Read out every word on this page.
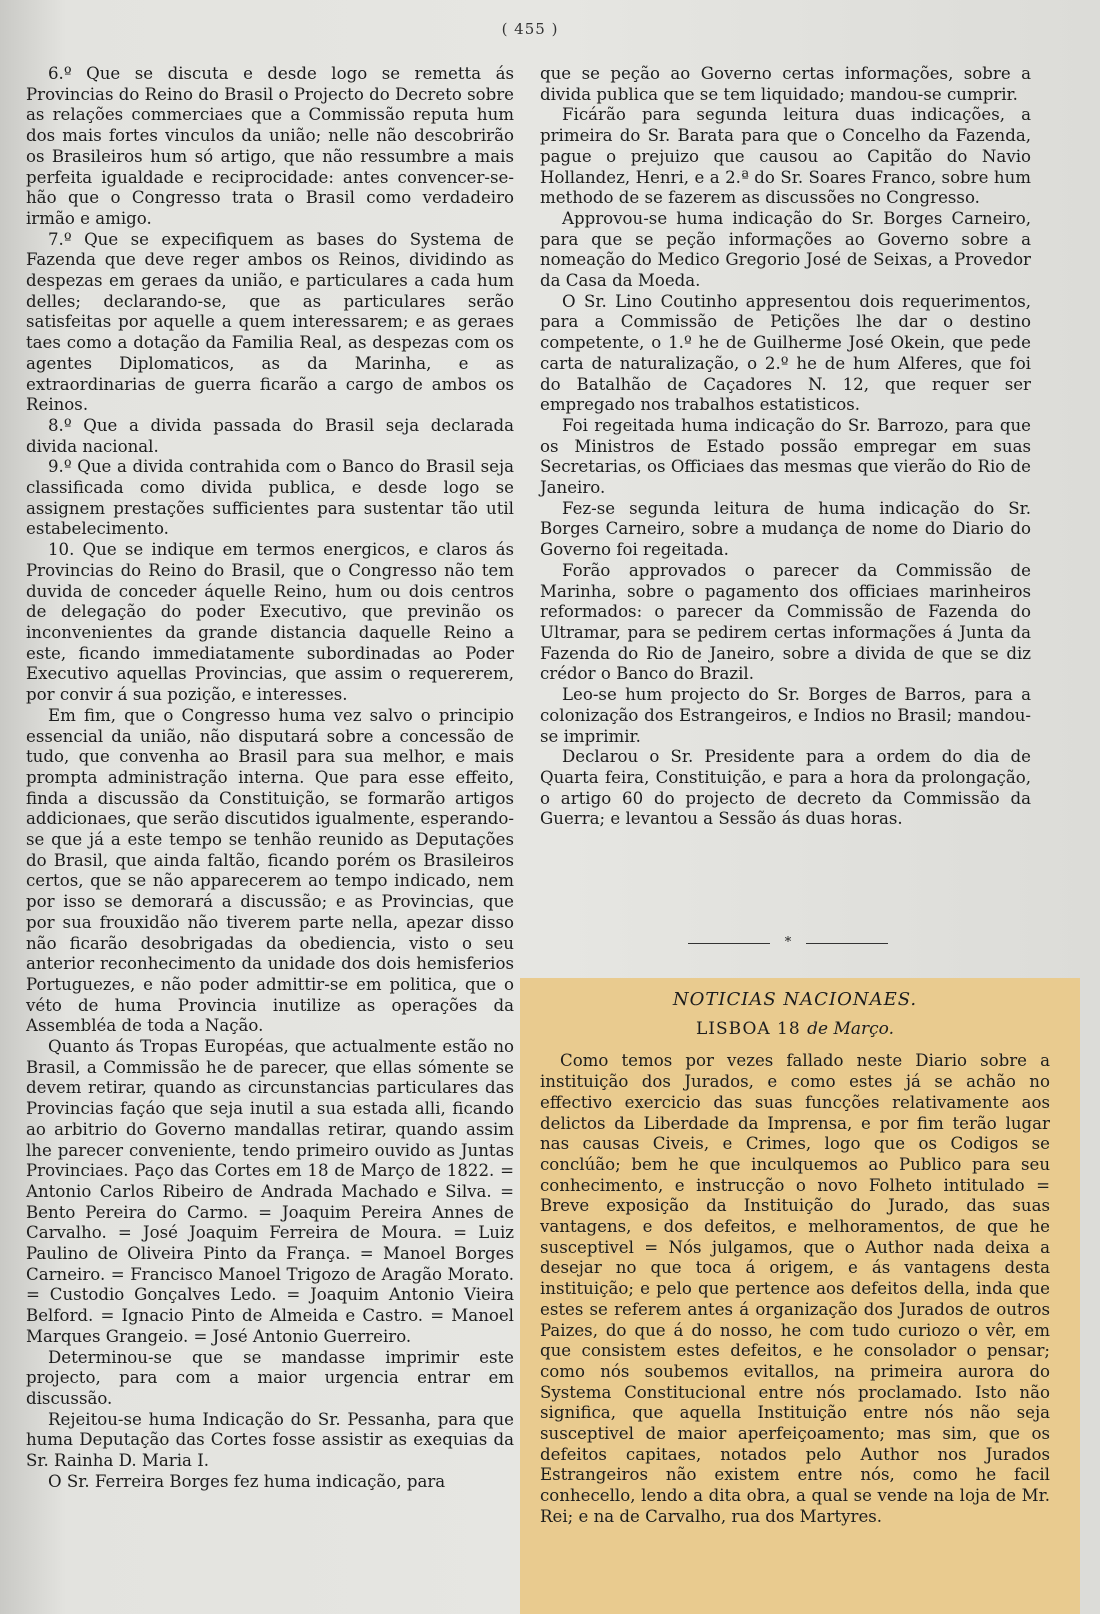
( 455 )

6.º Que se discuta e desde logo se remetta ás Provincias do Reino do Brasil o Projecto do Decreto sobre as relações commerciaes que a Commissão reputa hum dos mais fortes vinculos da união; nelle não descobrirão os Brasileiros hum só artigo, que não ressumbre a mais perfeita igualdade e reciprocidade: antes convencer-se-hão que o Congresso trata o Brasil como verdadeiro irmão e amigo.

7.º Que se expecifiquem as bases do Systema de Fazenda que deve reger ambos os Reinos, dividindo as despezas em geraes da união, e particulares a cada hum delles; declarando-se, que as particulares serão satisfeitas por aquelle a quem interessarem; e as geraes taes como a dotação da Familia Real, as despezas com os agentes Diplomaticos, as da Marinha, e as extraordinarias de guerra ficarão a cargo de ambos os Reinos.

8.º Que a divida passada do Brasil seja declarada divida nacional.

9.º Que a divida contrahida com o Banco do Brasil seja classificada como divida publica, e desde logo se assignem prestações sufficientes para sustentar tão util estabelecimento.

10. Que se indique em termos energicos, e claros ás Provincias do Reino do Brasil, que o Congresso não tem duvida de conceder áquelle Reino, hum ou dois centros de delegação do poder Executivo, que previnão os inconvenientes da grande distancia daquelle Reino a este, ficando immediatamente subordinadas ao Poder Executivo aquellas Provincias, que assim o requererem, por convir á sua pozição, e interesses.

Em fim, que o Congresso huma vez salvo o principio essencial da união, não disputará sobre a concessão de tudo, que convenha ao Brasil para sua melhor, e mais prompta administração interna. Que para esse effeito, finda a discussão da Constituição, se formarão artigos addicionaes, que serão discutidos igualmente, esperando-se que já a este tempo se tenhão reunido as Deputações do Brasil, que ainda faltão, ficando porém os Brasileiros certos, que se não apparecerem ao tempo indicado, nem por isso se demorará a discussão; e as Provincias, que por sua frouxidão não tiverem parte nella, apezar disso não ficarão desobrigadas da obediencia, visto o seu anterior reconhecimento da unidade dos dois hemisferios Portuguezes, e não poder admittir-se em politica, que o véto de huma Provincia inutilize as operações da Assembléa de toda a Nação.

Quanto ás Tropas Européas, que actualmente estão no Brasil, a Commissão he de parecer, que ellas sómente se devem retirar, quando as circunstancias particulares das Provincias façáo que seja inutil a sua estada alli, ficando ao arbitrio do Governo mandallas retirar, quando assim lhe parecer conveniente, tendo primeiro ouvido as Juntas Provinciaes. Paço das Cortes em 18 de Março de 1822. = Antonio Carlos Ribeiro de Andrada Machado e Silva. = Bento Pereira do Carmo. = Joaquim Pereira Annes de Carvalho. = José Joaquim Ferreira de Moura. = Luiz Paulino de Oliveira Pinto da França. = Manoel Borges Carneiro. = Francisco Manoel Trigozo de Aragão Morato. = Custodio Gonçalves Ledo. = Joaquim Antonio Vieira Belford. = Ignacio Pinto de Almeida e Castro. = Manoel Marques Grangeio. = José Antonio Guerreiro.

Determinou-se que se mandasse imprimir este projecto, para com a maior urgencia entrar em discussão.

Rejeitou-se huma Indicação do Sr. Pessanha, para que huma Deputação das Cortes fosse assistir as exequias da Sr. Rainha D. Maria I.

O Sr. Ferreira Borges fez huma indicação, para

que se peção ao Governo certas informações, sobre a divida publica que se tem liquidado; mandou-se cumprir.

Ficárão para segunda leitura duas indicações, a primeira do Sr. Barata para que o Concelho da Fazenda, pague o prejuizo que causou ao Capitão do Navio Hollandez, Henri, e a 2.ª do Sr. Soares Franco, sobre hum methodo de se fazerem as discussões no Congresso.

Approvou-se huma indicação do Sr. Borges Carneiro, para que se peção informações ao Governo sobre a nomeação do Medico Gregorio José de Seixas, a Provedor da Casa da Moeda.

O Sr. Lino Coutinho appresentou dois requerimentos, para a Commissão de Petições lhe dar o destino competente, o 1.º he de Guilherme José Okein, que pede carta de naturalização, o 2.º he de hum Alferes, que foi do Batalhão de Caçadores N. 12, que requer ser empregado nos trabalhos estatisticos.

Foi regeitada huma indicação do Sr. Barrozo, para que os Ministros de Estado possão empregar em suas Secretarias, os Officiaes das mesmas que vierão do Rio de Janeiro.

Fez-se segunda leitura de huma indicação do Sr. Borges Carneiro, sobre a mudança de nome do Diario do Governo foi regeitada.

Forão approvados o parecer da Commissão de Marinha, sobre o pagamento dos officiaes marinheiros reformados: o parecer da Commissão de Fazenda do Ultramar, para se pedirem certas informações á Junta da Fazenda do Rio de Janeiro, sobre a divida de que se diz crédor o Banco do Brazil.

Leo-se hum projecto do Sr. Borges de Barros, para a colonização dos Estrangeiros, e Indios no Brasil; mandou-se imprimir.

Declarou o Sr. Presidente para a ordem do dia de Quarta feira, Constituição, e para a hora da prolongação, o artigo 60 do projecto de decreto da Commissão da Guerra; e levantou a Sessão ás duas horas.

*
NOTICIAS NACIONAES.
LISBOA 18 de Março.

Como temos por vezes fallado neste Diario sobre a instituição dos Jurados, e como estes já se achão no effectivo exercicio das suas funcções relativamente aos delictos da Liberdade da Imprensa, e por fim terão lugar nas causas Civeis, e Crimes, logo que os Codigos se conclúão; bem he que inculquemos ao Publico para seu conhecimento, e instrucção o novo Folheto intitulado = Breve exposição da Instituição do Jurado, das suas vantagens, e dos defeitos, e melhoramentos, de que he susceptivel = Nós julgamos, que o Author nada deixa a desejar no que toca á origem, e ás vantagens desta instituição; e pelo que pertence aos defeitos della, inda que estes se referem antes á organização dos Jurados de outros Paizes, do que á do nosso, he com tudo curiozo o vêr, em que consistem estes defeitos, e he consolador o pensar; como nós soubemos evitallos, na primeira aurora do Systema Constitucional entre nós proclamado. Isto não significa, que aquella Instituição entre nós não seja susceptivel de maior aperfeiçoamento; mas sim, que os defeitos capitaes, notados pelo Author nos Jurados Estrangeiros não existem entre nós, como he facil conhecello, lendo a dita obra, a qual se vende na loja de Mr. Rei; e na de Carvalho, rua dos Martyres.
